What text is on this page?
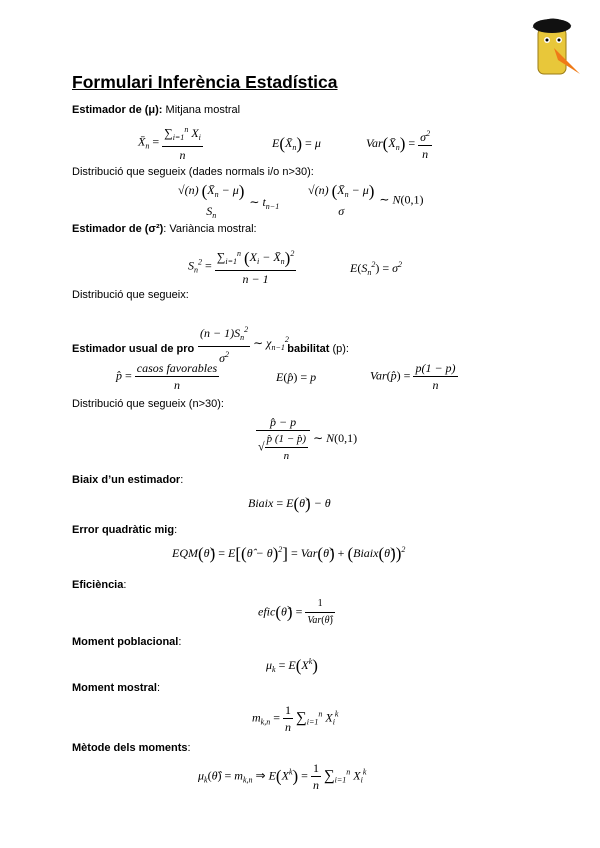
Formulari Inferència Estadística
Estimador de (μ): Mitjana mostral
$X̄_n = \frac{\sum_{i=1}^n X_i}{n}$	$E(X̄_n) = \mu$	$Var(X̄_n) = \frac{\sigma^2}{n}$
Distribució que segueix (dades normals i/o n>30):
√(n) $(X̄_n - \mu)$
$S_n$
∼ $t_{n-1}$
√(n) $(X̄_n - \mu)$
σ
∼ N(0,1)
Estimador de (σ²): Variància mostral:
$S_n^2 = \frac{\sum_{i=1}^n (X_i - X̄_n)^2}{n - 1}$	$E(S_n^2) = \sigma^2$
Distribució que segueix:
$\frac{(n - 1)S_n^2}{\sigma^2}$ ∼ $\chi_{n-1}^2$
Estimador usual de pro	babilitat (p):
p̂ = $\frac{\text{casos favorables}}{n}$	E(p̂) = p	Var(p̂) = $\frac{p(1 - p)}{n}$
Distribució que segueix (n>30):
$\frac{p̂ - p}{√ \frac{p̂ (1 - p̂)}{n}}$ ∼ N(0,1)
Biaix d’un estimador:
Biaix = E(θ̂) − θ
Error quadràtic mig:
EQM(θ̂) = E[(θ̂ − θ)$^2$] = Var(θ̂) + (Biaix(θ̂))$^2$
Eficiència:
efic(θ̂) = $\frac{1}{\text{Var(θ̂)}}$
Moment poblacional:
$\mu_k = E(X^k)$
Moment mostral:
$m_{k,n} = \frac{1}{n} \sum_{i=1}^n$ $X_i^k$
Mètode dels moments:
$\mu_k(\thetâ) = m_{k,n}$ ⇒ $E(X^k) = \frac{1}{n} \sum_{i=1}^n$ $X_i^k$
